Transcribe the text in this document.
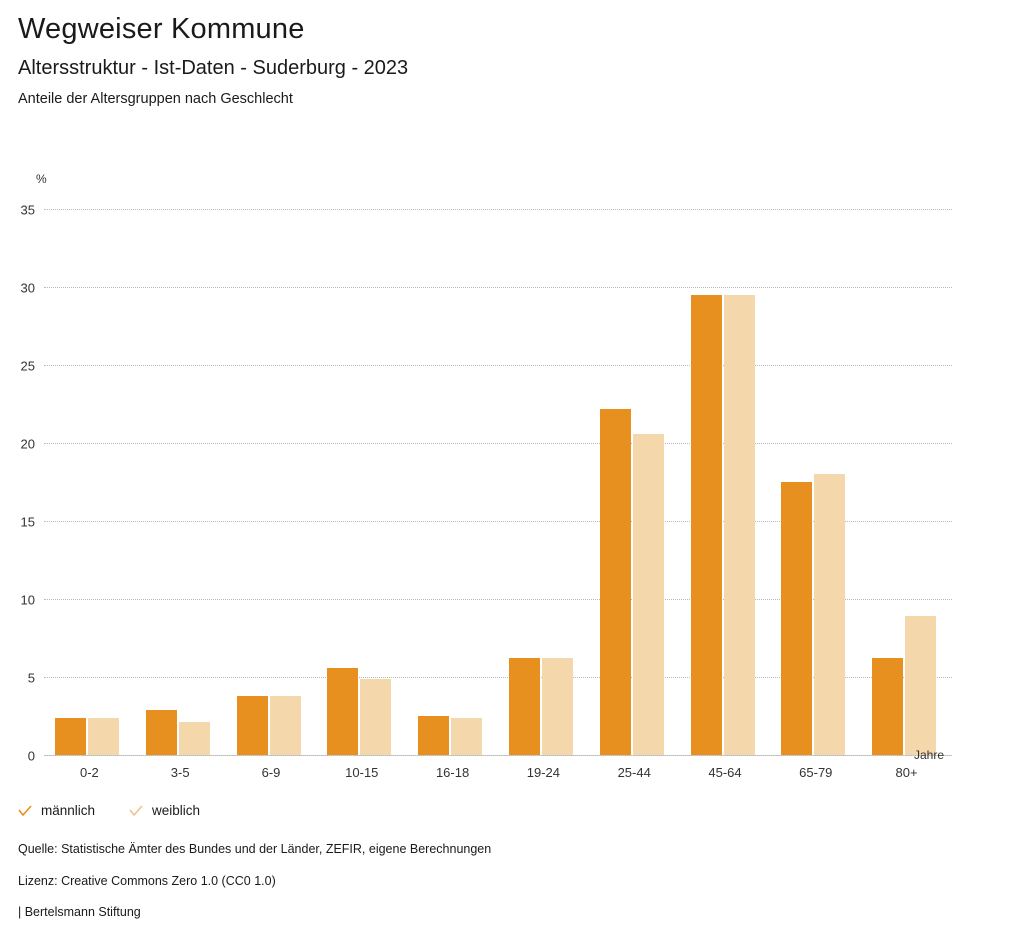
Wegweiser Kommune
Altersstruktur - Ist-Daten - Suderburg - 2023
Anteile der Altersgruppen nach Geschlecht
%
0
5
10
15
20
25
30
35
0-2	3-5	6-9	10-15	16-18	19-24	25-44	45-64	65-79	80+
Jahre
männlich	weiblich
Quelle: Statistische Ämter des Bundes und der Länder, ZEFIR, eigene Berechnungen
Lizenz: Creative Commons Zero 1.0 (CC0 1.0)
| Bertelsmann Stiftung
